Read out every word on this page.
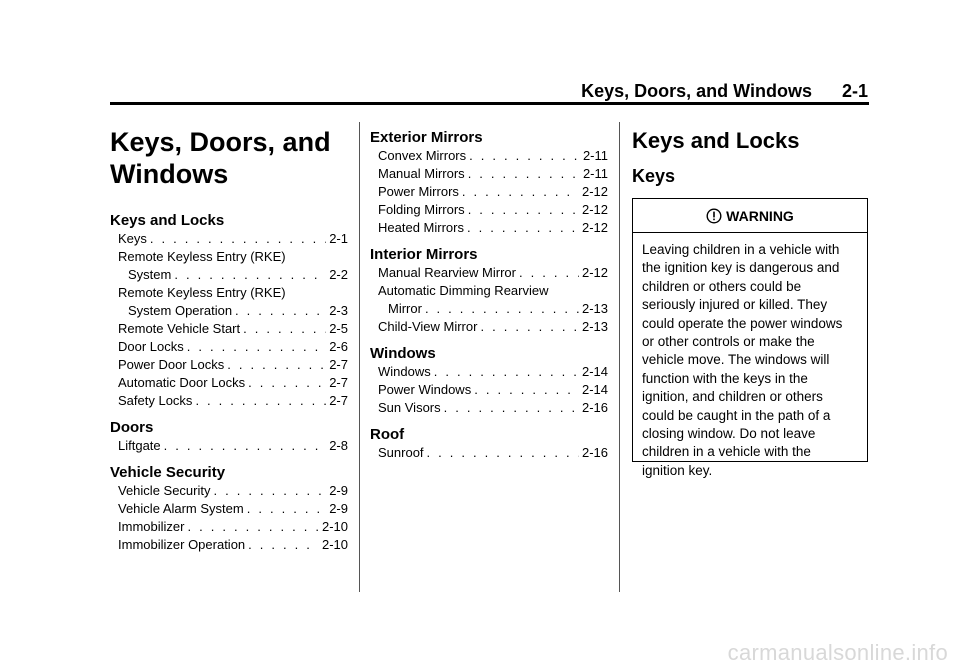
Keys, Doors, and Windows 2-1
Keys, Doors, and Windows
Keys and Locks
Keys . . .	2-1
Remote Keyless Entry (RKE)
System . . .	2-2
Remote Keyless Entry (RKE)
System Operation . . .	2-3
Remote Vehicle Start . . .	2-5
Door Locks . . .	2-6
Power Door Locks . . .	2-7
Automatic Door Locks . . .	2-7
Safety Locks . . .	2-7
Doors
Liftgate . . .	2-8
Vehicle Security
Vehicle Security . . .	2-9
Vehicle Alarm System . . .	2-9
Immobilizer . . .	2-10
Immobilizer Operation . . .	2-10
Exterior Mirrors
Convex Mirrors . . .	2-11
Manual Mirrors . . .	2-11
Power Mirrors . . .	2-12
Folding Mirrors . . .	2-12
Heated Mirrors . . .	2-12
Interior Mirrors
Manual Rearview Mirror . . .	2-12
Automatic Dimming Rearview
Mirror . . .	2-13
Child-View Mirror . . .	2-13
Windows
Windows . . .	2-14
Power Windows . . .	2-14
Sun Visors . . .	2-16
Roof
Sunroof . . .	2-16
Keys and Locks
Keys
WARNING
Leaving children in a vehicle with
the ignition key is dangerous and
children or others could be
seriously injured or killed. They
could operate the power windows
or other controls or make the
vehicle move. The windows will
function with the keys in the
ignition, and children or others
could be caught in the path of a
closing window. Do not leave
children in a vehicle with the
ignition key.
carmanualsonline.info
